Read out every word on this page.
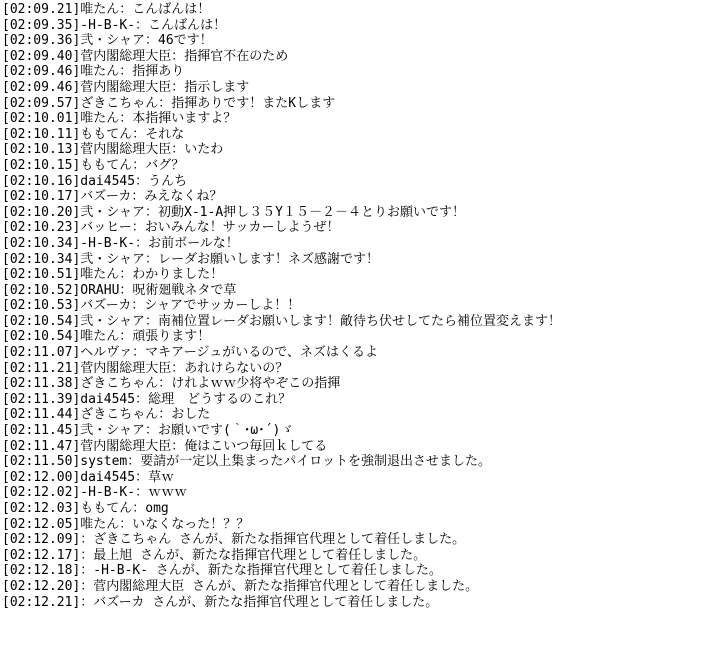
[02:09.21]唯たん：こんばんは！
[02:09.35]-H-B-K-：こんばんは！
[02:09.36]弐・シャア：46です！
[02:09.40]菅内閣総理大臣：指揮官不在のため
[02:09.46]唯たん：指揮あり
[02:09.46]菅内閣総理大臣：指示します
[02:09.57]ざきこちゃん：指揮ありです！またKします
[02:10.01]唯たん：本指揮いますよ？
[02:10.11]ももてん：それな
[02:10.13]菅内閣総理大臣：いたわ
[02:10.15]ももてん：バグ？
[02:10.16]dai4545：うんち
[02:10.17]バズーカ：みえなくね？
[02:10.20]弐・シャア：初動X-1-A押し３５Y１５－２－４とりお願いです！
[02:10.23]バッヒー：おいみんな！サッカーしようぜ！
[02:10.34]-H-B-K-：お前ボールな！
[02:10.34]弐・シャア：レーダお願いします！ネズ感謝です！
[02:10.51]唯たん：わかりました！
[02:10.52]ORAHU：呪術廻戦ネタで草
[02:10.53]バズーカ：シャアでサッカーしよ！！
[02:10.54]弐・シャア：南補位置レーダお願いします！敵待ち伏せしてたら補位置変えます！
[02:10.54]唯たん：頑張ります！
[02:11.07]ヘルヴァ：マキアージュがいるので、ネズはくるよ
[02:11.21]菅内閣総理大臣：あれけらないの？
[02:11.38]ざきこちゃん：けれよｗｗ少将やぞこの指揮
[02:11.39]dai4545：総理　どうするのこれ？
[02:11.44]ざきこちゃん：おした
[02:11.45]弐・シャア：お願いです(｀･ω･´)ゞ
[02:11.47]菅内閣総理大臣：俺はこいつ毎回ｋしてる
[02:11.50]system：要請が一定以上集まったパイロットを強制退出させました。
[02:12.00]dai4545：草ｗ
[02:12.02]-H-B-K-：ｗｗｗ
[02:12.03]ももてん：omg
[02:12.05]唯たん：いなくなった！？？
[02:12.09]：ざきこちゃん さんが、新たな指揮官代理として着任しました。
[02:12.17]：最上旭 さんが、新たな指揮官代理として着任しました。
[02:12.18]：-H-B-K- さんが、新たな指揮官代理として着任しました。
[02:12.20]：菅内閣総理大臣 さんが、新たな指揮官代理として着任しました。
[02:12.21]：バズーカ さんが、新たな指揮官代理として着任しました。
